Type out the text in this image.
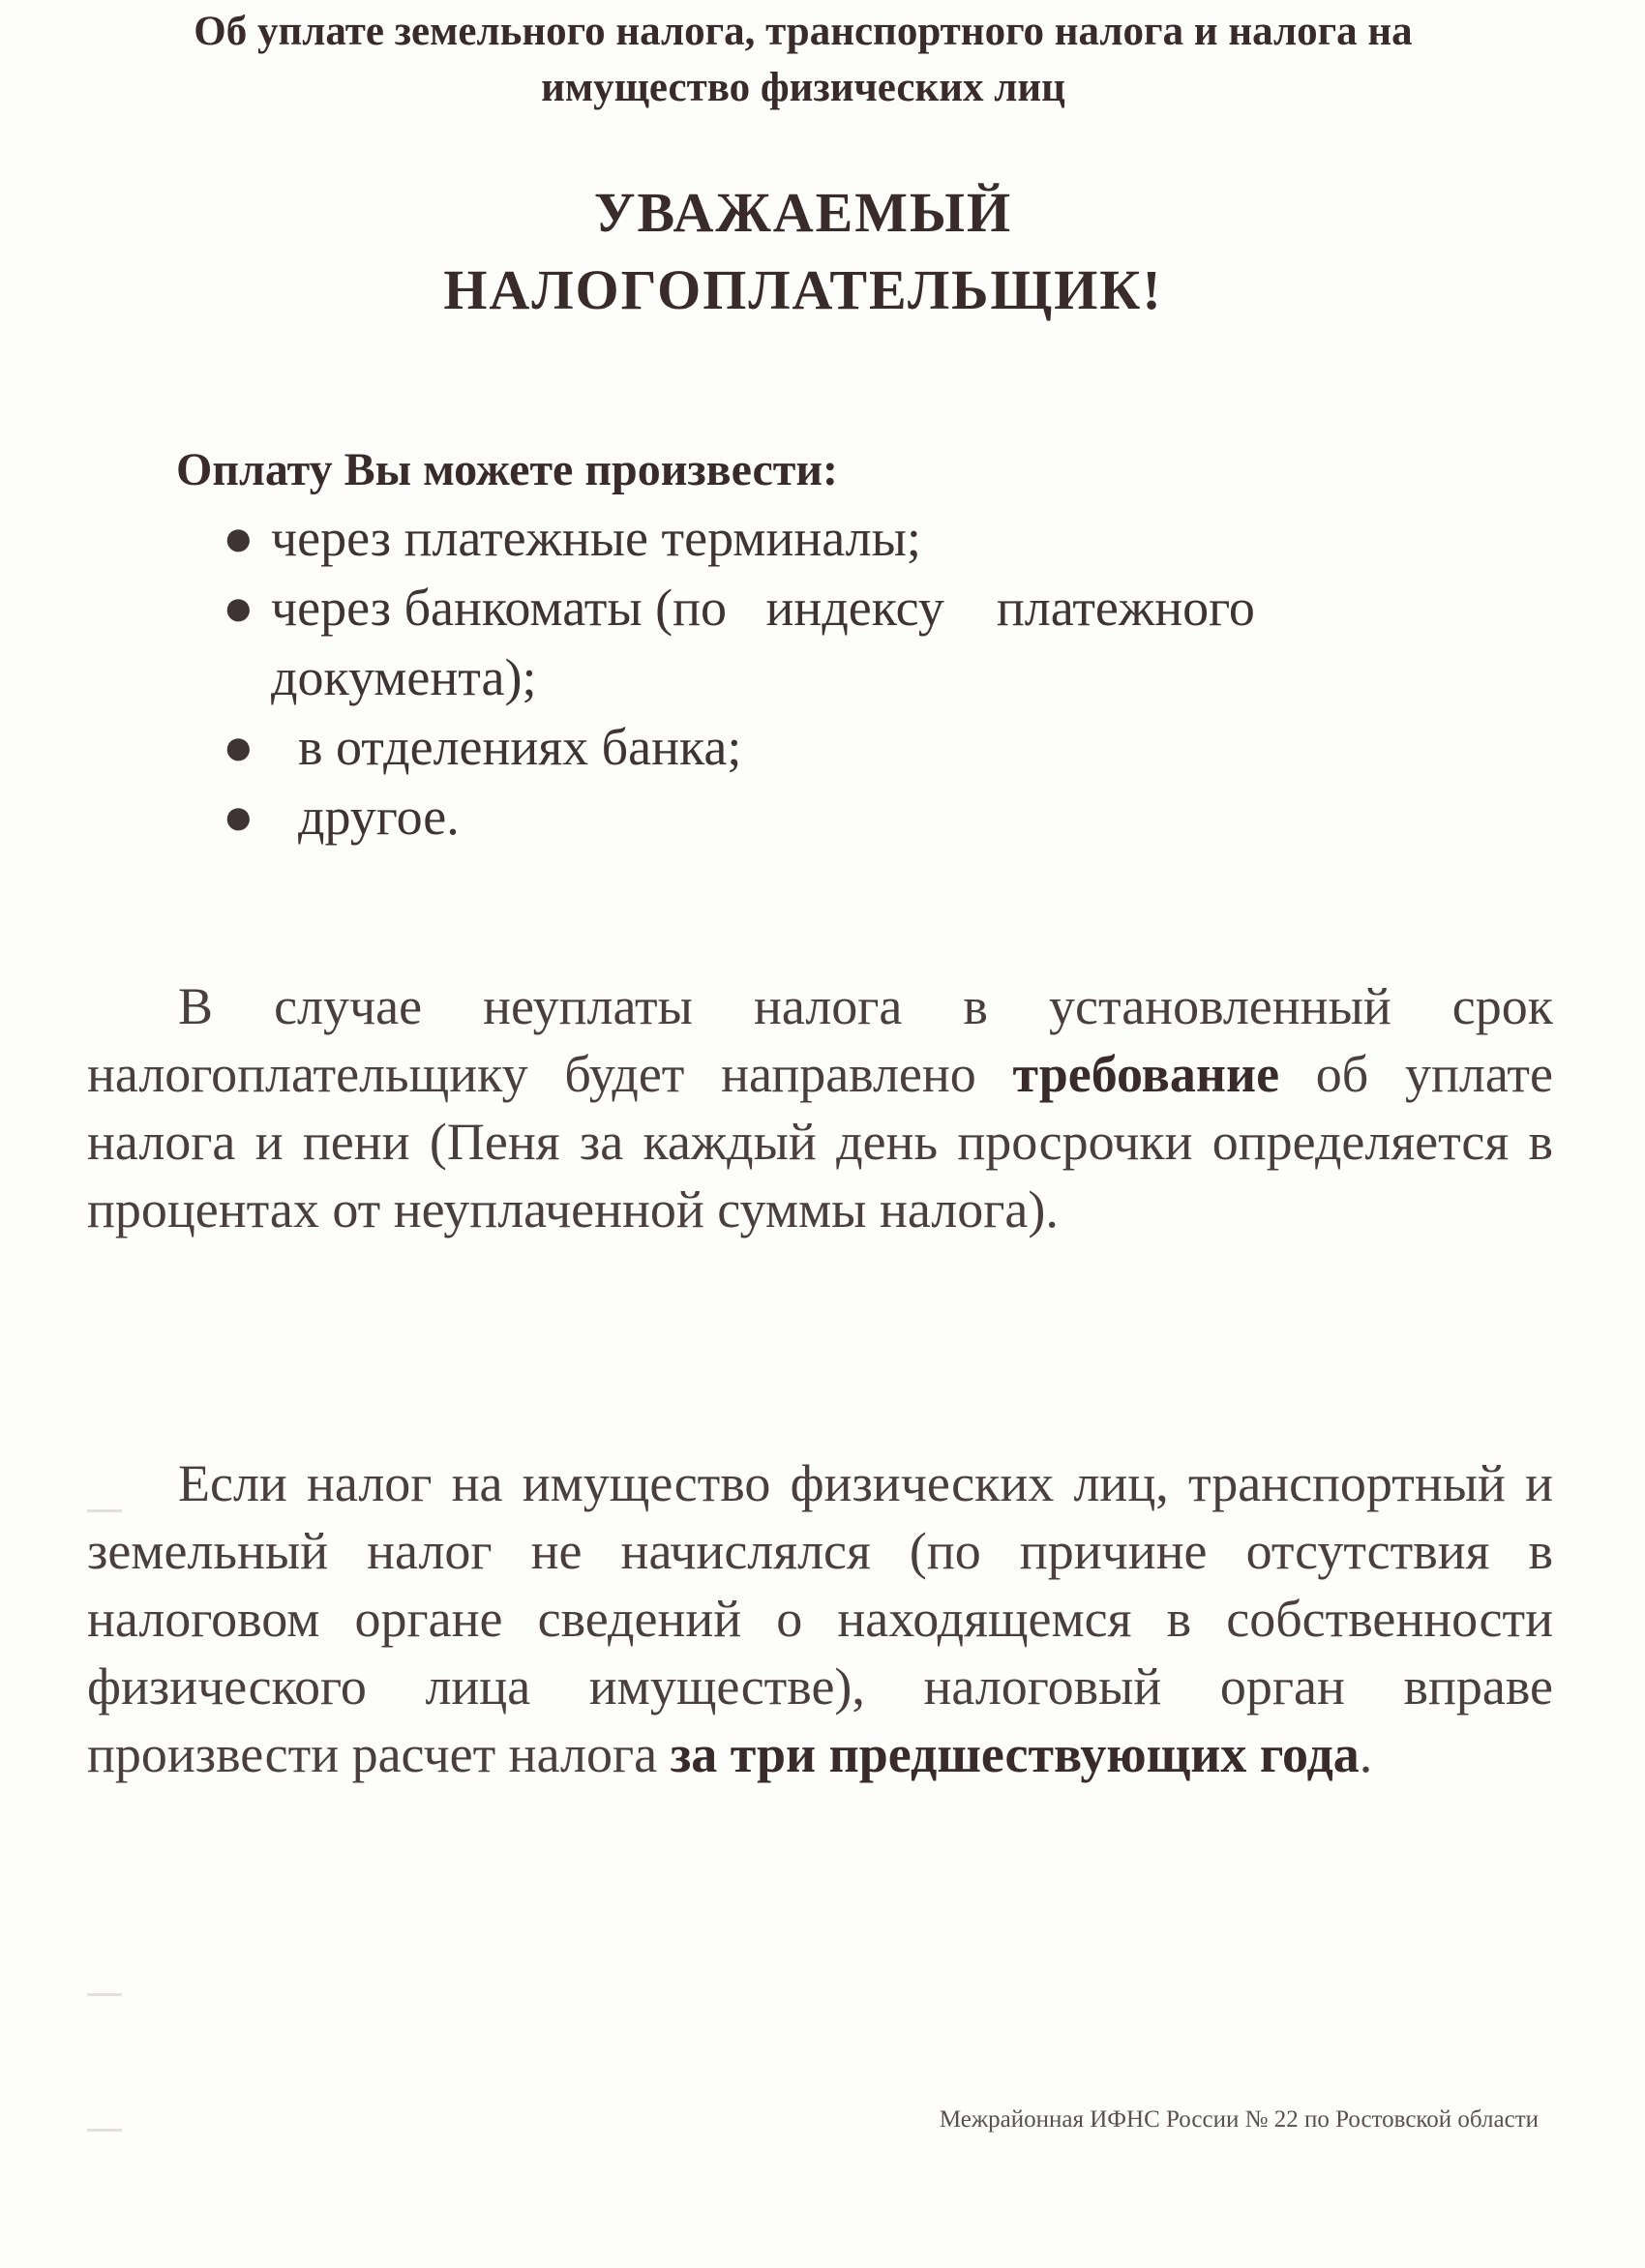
Об уплате земельного налога, транспортного налога и налога на
имущество физических лиц
УВАЖАЕМЫЙ
НАЛОГОПЛАТЕЛЬЩИК!
Оплату Вы можете произвести:
● через платежные терминалы;
● через банкоматы (по   индексу    платежного документа);
● в отделениях банка;
● другое.

В случае неуплаты налога в установленный срок налогоплательщику будет направлено требование об уплате налога и пени (Пеня за каждый день просрочки определяется в процентах от неуплаченной суммы налога).

Если налог на имущество физических лиц, транспортный и земельный налог не начислялся (по причине отсутствия в налоговом органе сведений о находящемся в собственности физического лица имуществе), налоговый орган вправе произвести расчет налога за три предшествующих года.

Межрайонная ИФНС России № 22 по Ростовской области
